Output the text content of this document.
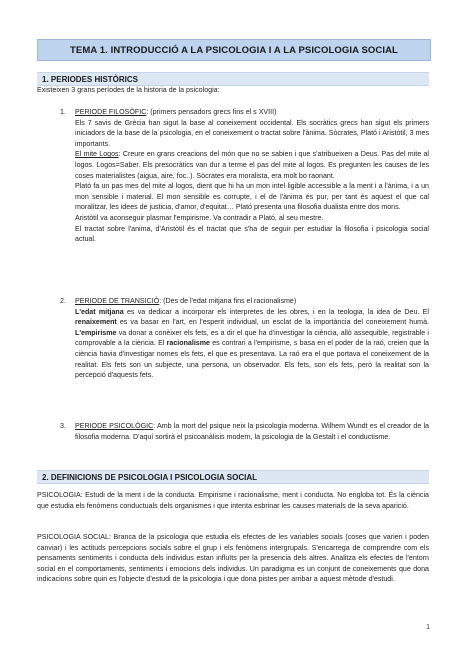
TEMA 1. INTRODUCCIÓ A LA PSICOLOGIA I A LA PSICOLOGIA SOCIAL
1. PERIODES HISTÒRICS
Existeixen 3 grans períodes de la historia de la psicologia:
1. PERIODE FILOSÒFIC: (primers pensadors grecs fins el s XVIII)

Els 7 savis de Grècia han sigut la base al coneixement occidental. Els socràtics grecs han sigut els primers iniciadors de la base de la psicologia, en el coneixement o tractat sobre l'ànima. Sòcrates, Plató i Aristòtil, 3 mes importants.

El mite Logos: Creure en grans creacions del món que no se sabien i que s'atribueixen a Deus. Pas del mite al logos. Logos=Saber. Els presocràtics van dur a terme el pas del mite al logos. Es pregunten les causes de les coses materialistes (aigua, aire, foc..). Sòcrates era moralista, era molt bo raonant.

Plató fa un pas mes del mite al logos, dient que hi ha un mon intel·ligible accessible a la ment i a l'ànima, i a un mon sensible i material. El mon sensible es corrupte, i el de l'ànima és pur, per tant és aquest el que cal moralitzar, les idees de justicia, d'amor, d'equitat… Plató presenta una filosofia dualista entre dos mons.

Aristòtil va aconseguir plasmar l'empirisme. Va contradir a Plató, al seu mestre.

El tractat sobre l'anima, d'Aristòtil és el tractat que s'ha de seguir per estudiar la filosofia i psicologia social actual.

2. PERIODE DE TRANSICIÓ: (Des de l'edat mitjana fins el racionalisme)

L'edat mitjana es va dedicar a incorporar els interpretes de les obres, i en la teologia, la idea de Deu. El renaixement es va basar en l'art, en l'esperit individual, un esclat de la importància del coneixement humà. L'empirisme va donar a conèixer els fets, es a dir el que ha d'investigar la ciència, allò assequible, registrable i comprovable a la ciència. El racionalisme es contrari a l'empirisme, s basa en el poder de la raó, creien que la ciència havia d'investigar nomes els fets, el que es presentava. La raó era el que portava el coneixement de la realitat. Els fets son un subjecte, una persona, un observador. Els fets, son els fets, però la realitat son la percepció d'aquests fets.

3. PERIODE PSICOLÒGIC: Amb la mort del psique neix la psicologia moderna. Wilhem Wundt es el creador de la filosofia moderna. D'aquí sortirà el psicoanàlisis modern, la psicologia de la Gestalt i el conductisme.

2. DEFINICIONS DE PSICOLOGIA I PSICOLOGIA SOCIAL

PSICOLOGIA: Estudi de la ment i de la conducta. Empirisme i racionalisme, ment i conducta. No engloba tot. És la ciència que estudia els fenòmens conductuals dels organismes i que intenta esbrinar les causes materials de la seva aparició.

PSICOLOGIA SOCIAL: Branca de la psicologia que estudia els efectes de les variables socials (coses que varien i poden canviar) i les actituds percepcions socials sobre el grup i els fenòmens intergrupals. S'encarrega de comprendre com els pensaments sentiments i conducta dels individus estan influïts per la presencia dels altres. Analitza els efectes de l'entorn social en el comportaments, sentiments i emocions dels individus. Un paradigma es un conjunt de coneixements que dona indicacions sobre quin es l'objecte d'estudi de la psicologia i que dona pistes per arribar a aquest mètode d'estudi.

1
